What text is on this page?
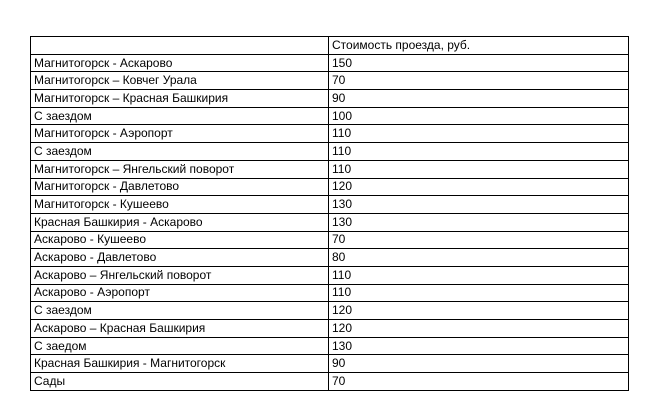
	Стоимость проезда, руб.
Магнитогорск - Аскарово	150
Магнитогорск – Ковчег Урала	70
Магнитогорск – Красная Башкирия	90
С заездом	100
Магнитогорск - Аэропорт	110
С заездом	110
Магнитогорск – Янгельский поворот	110
Магнитогорск - Давлетово	120
Магнитогорск - Кушеево	130
Красная Башкирия - Аскарово	130
Аскарово - Кушеево	70
Аскарово - Давлетово	80
Аскарово – Янгельский поворот	110
Аскарово - Аэропорт	110
С заездом	120
Аскарово – Красная Башкирия	120
С заедом	130
Красная Башкирия - Магнитогорск	90
Сады	70
